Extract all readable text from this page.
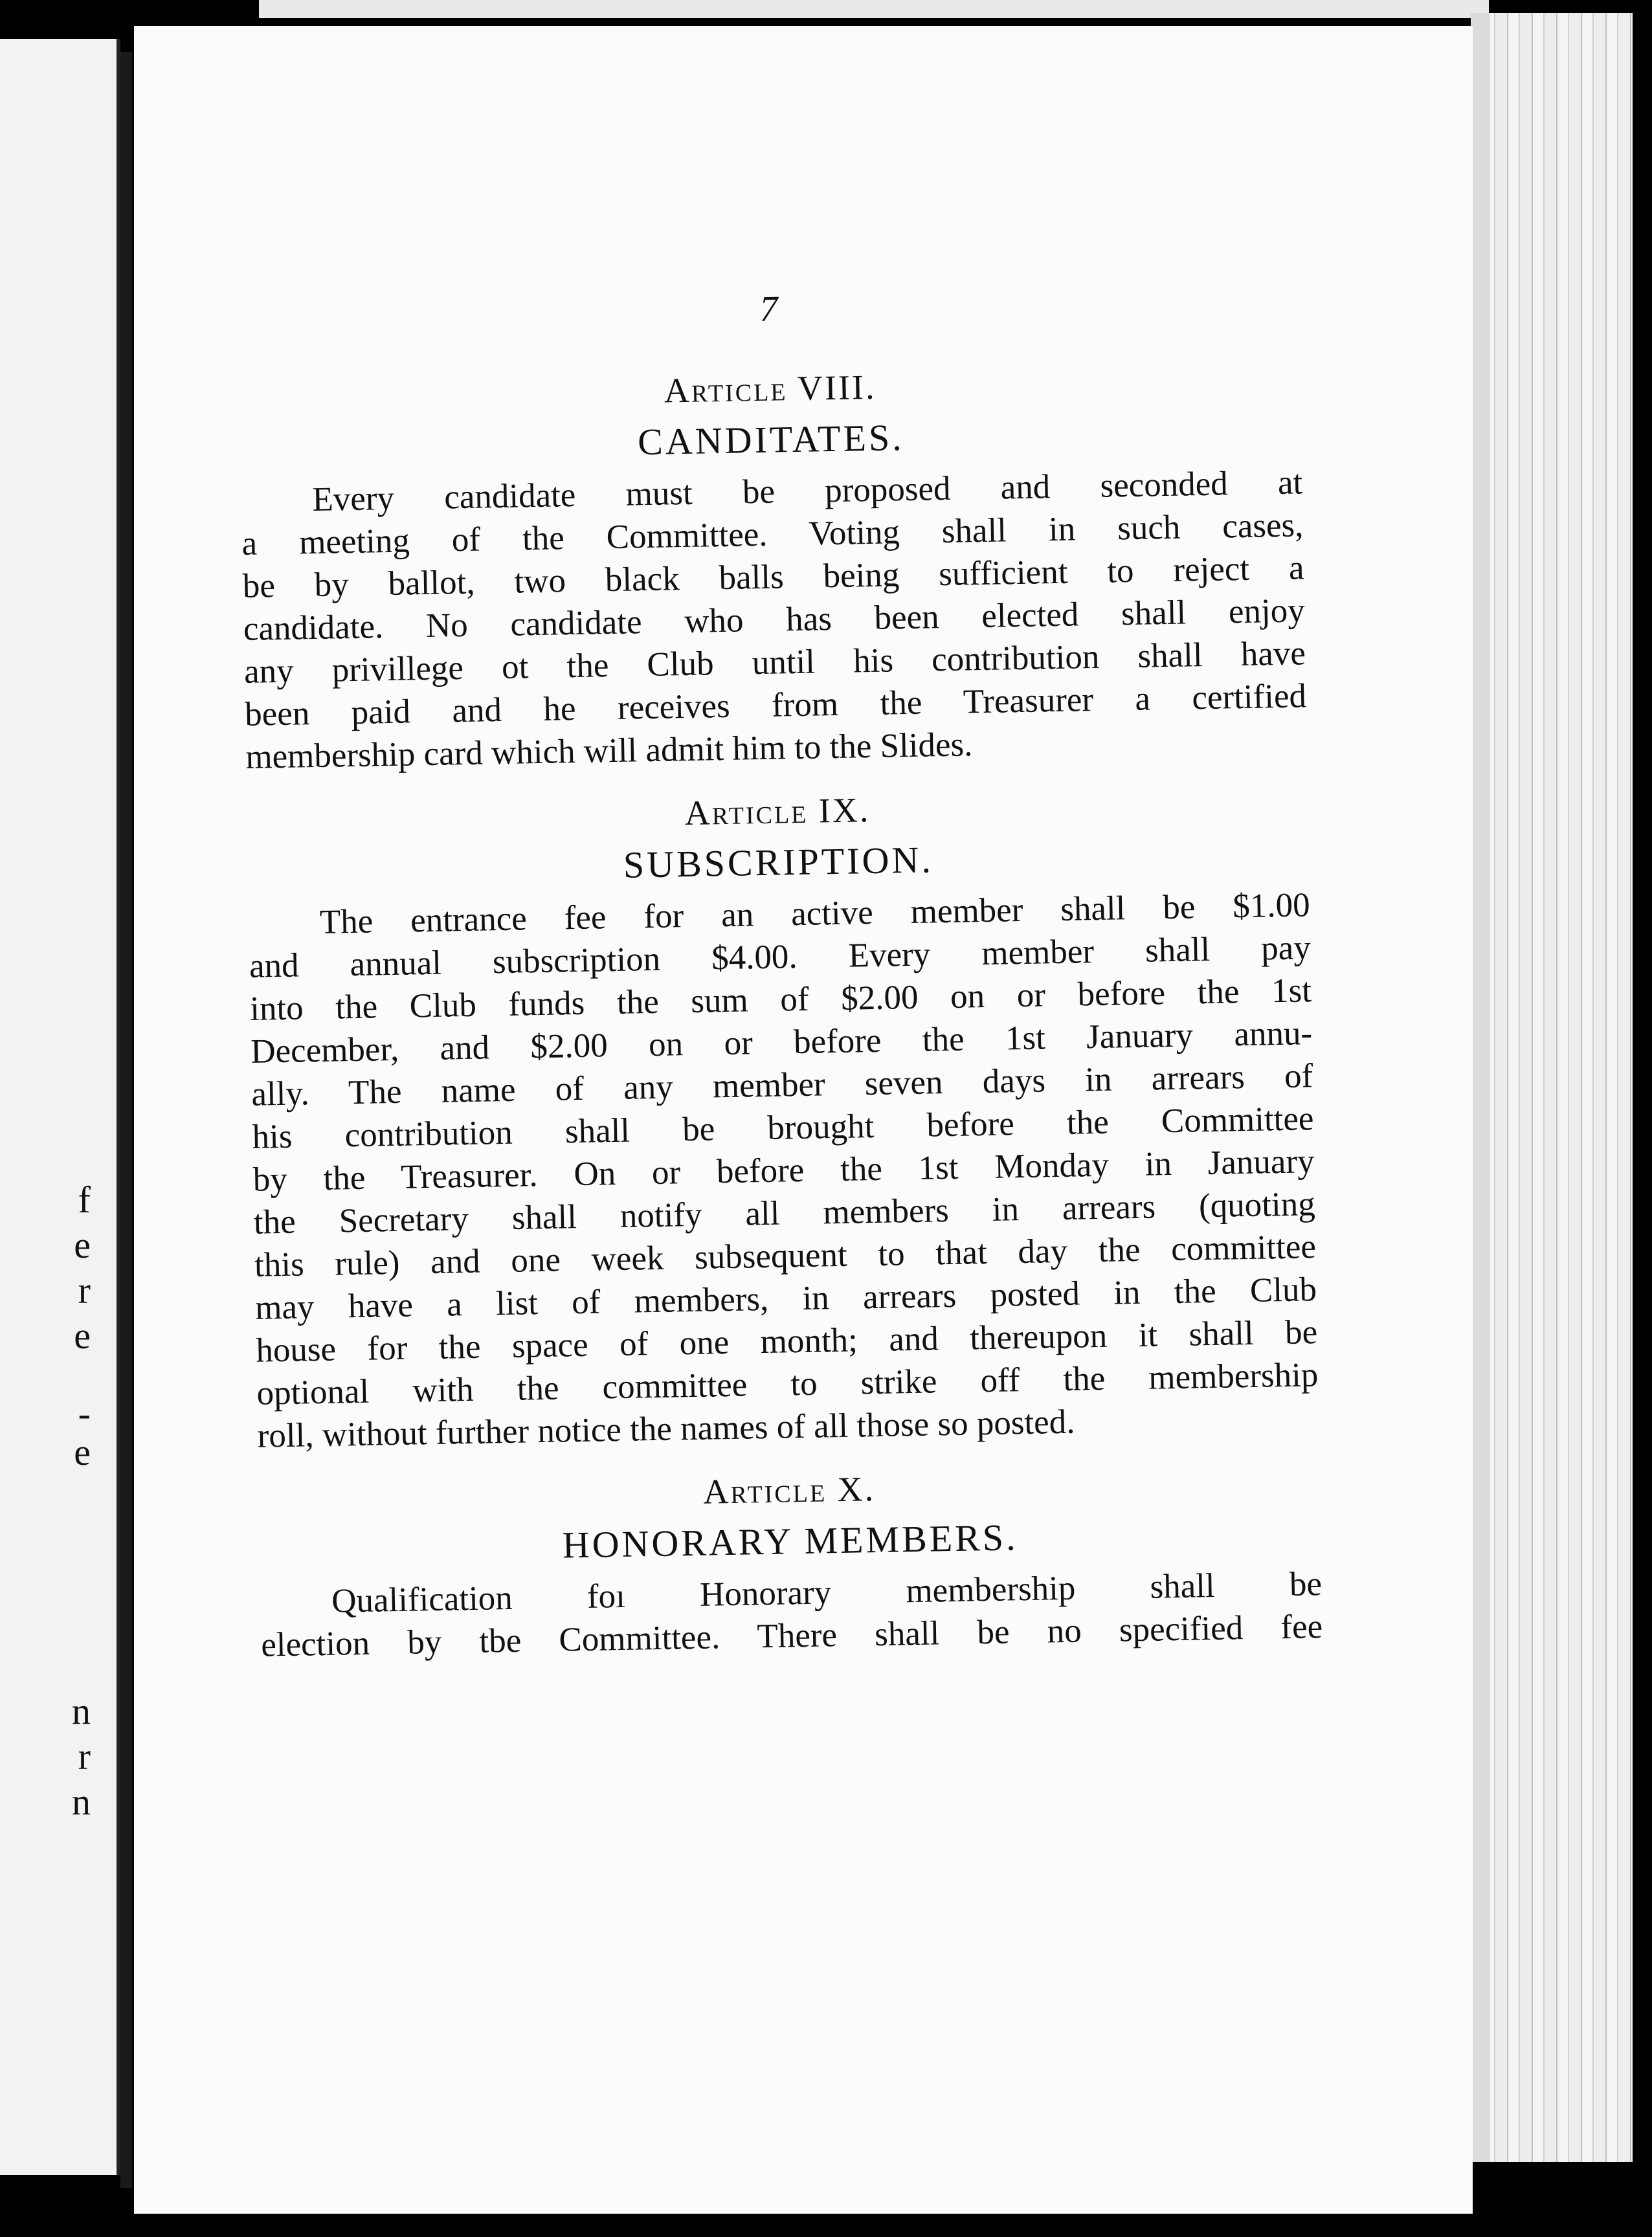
f
e
r
e
-
e
n
r
n
7
Article VIII.
CANDITATES.
Every candidate must be proposed and seconded at
a meeting of the Committee. Voting shall in such cases,
be by ballot, two black balls being sufficient to reject a
candidate. No candidate who has been elected shall enjoy
any privillege ot the Club until his contribution shall have
been paid and he receives from the Treasurer a certified
membership card which will admit him to the Slides.
Article IX.
SUBSCRIPTION.
The entrance fee for an active member shall be $1.00
and annual subscription $4.00. Every member shall pay
into the Club funds the sum of $2.00 on or before the 1st
December, and $2.00 on or before the 1st January annu-
ally. The name of any member seven days in arrears of
his contribution shall be brought before the Committee
by the Treasurer. On or before the 1st Monday in January
the Secretary shall notify all members in arrears (quoting
this rule) and one week subsequent to that day the committee
may have a list of members, in arrears posted in the Club
house for the space of one month; and thereupon it shall be
optional with the committee to strike off the membership
roll, without further notice the names of all those so posted.
Article X.
HONORARY MEMBERS.
Qualification foı Honorary membership shall be
election by tbe Committee. There shall be no specified fee
